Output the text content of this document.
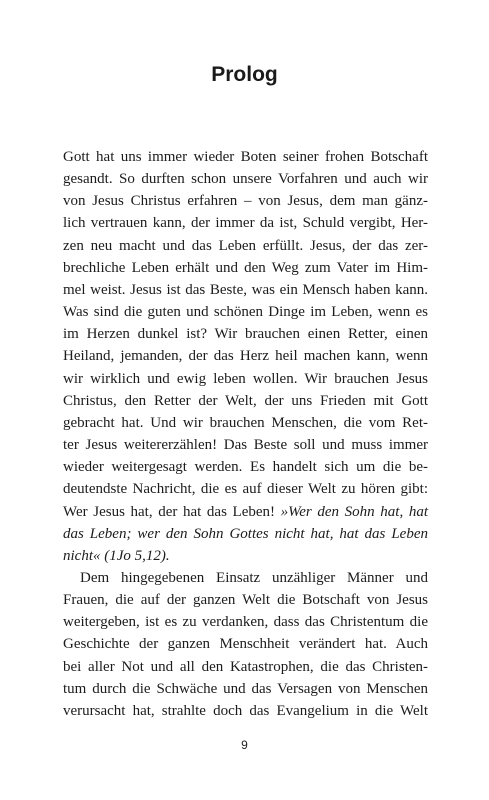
Prolog
Gott hat uns immer wieder Boten seiner frohen Botschaft
gesandt. So durften schon unsere Vorfahren und auch wir
von Jesus Christus erfahren – von Jesus, dem man gänz-
lich vertrauen kann, der immer da ist, Schuld vergibt, Her-
zen neu macht und das Leben erfüllt. Jesus, der das zer-
brechliche Leben erhält und den Weg zum Vater im Him-
mel weist. Jesus ist das Beste, was ein Mensch haben kann.
Was sind die guten und schönen Dinge im Leben, wenn es
im Herzen dunkel ist? Wir brauchen einen Retter, einen
Heiland, jemanden, der das Herz heil machen kann, wenn
wir wirklich und ewig leben wollen. Wir brauchen Jesus
Christus, den Retter der Welt, der uns Frieden mit Gott
gebracht hat. Und wir brauchen Menschen, die vom Ret-
ter Jesus weitererzählen! Das Beste soll und muss immer
wieder weitergesagt werden. Es handelt sich um die be-
deutendste Nachricht, die es auf dieser Welt zu hören gibt:
Wer Jesus hat, der hat das Leben! »Wer den Sohn hat, hat
das Leben; wer den Sohn Gottes nicht hat, hat das Leben
nicht« (1Jo 5,12).
Dem hingegebenen Einsatz unzähliger Männer und
Frauen, die auf der ganzen Welt die Botschaft von Jesus
weitergeben, ist es zu verdanken, dass das Christentum die
Geschichte der ganzen Menschheit verändert hat. Auch
bei aller Not und all den Katastrophen, die das Christen-
tum durch die Schwäche und das Versagen von Menschen
verursacht hat, strahlte doch das Evangelium in die Welt
9
